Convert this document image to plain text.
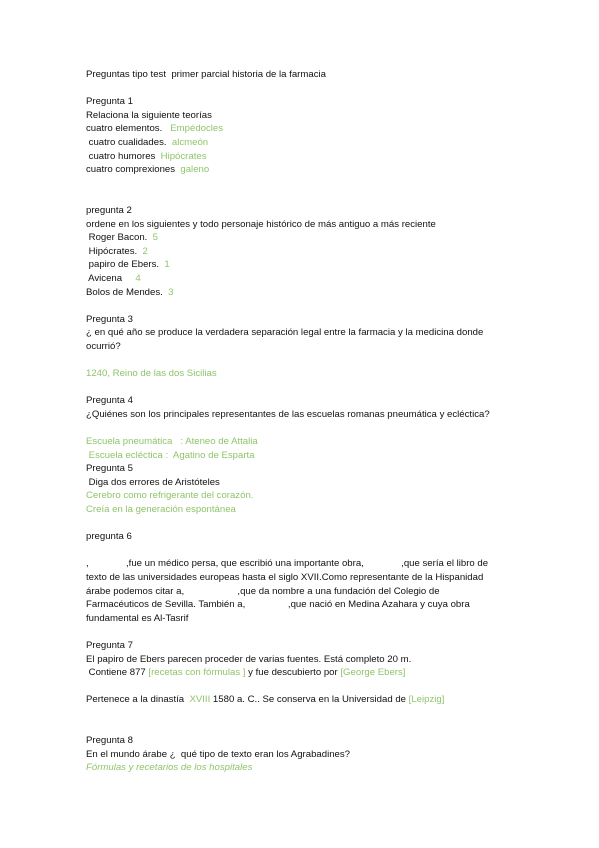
Preguntas tipo test  primer parcial historia de la farmacia
Pregunta 1
Relaciona la siguiente teorías
cuatro elementos.   Empédocles
cuatro cualidades.  alcmeón
cuatro humores  Hipócrates
cuatro comprexiones  galeno
pregunta 2
ordene en los siguientes y todo personaje histórico de más antiguo a más reciente
Roger Bacon.  5
Hipócrates.  2
papiro de Ebers.  1
Avicena     4
Bolos de Mendes.  3
Pregunta 3
¿ en qué año se produce la verdadera separación legal entre la farmacia y la medicina donde
ocurrió?
1240, Reino de las dos Sicilias
Pregunta 4
¿Quiénes son los principales representantes de las escuelas romanas pneumática y ecléctica?
Escuela pneumática   : Ateneo de Attalia
Escuela ecléctica :  Agatino de Esparta
Pregunta 5
Diga dos errores de Aristóteles
Cerebro como refrigerante del corazón.
Creía en la generación espontánea
pregunta 6
,              ,fue un médico persa, que escribió una importante obra,              ,que sería el libro de
texto de las universidades europeas hasta el siglo XVII.Como representante de la Hispanidad
árabe podemos citar a,                    ,que da nombre a una fundación del Colegio de
Farmacéuticos de Sevilla. También a,                ,que nació en Medina Azahara y cuya obra
fundamental es Al-Tasrif
Pregunta 7
El papiro de Ebers parecen proceder de varias fuentes. Está completo 20 m.
Contiene 877 [recetas con fórmulas ] y fue descubierto por [George Ebers]
Pertenece a la dinastía  XVIII 1580 a. C.. Se conserva en la Universidad de [Leipzig]
Pregunta 8
En el mundo árabe ¿  qué tipo de texto eran los Agrabadines?
Fórmulas y recetarios de los hospitales
